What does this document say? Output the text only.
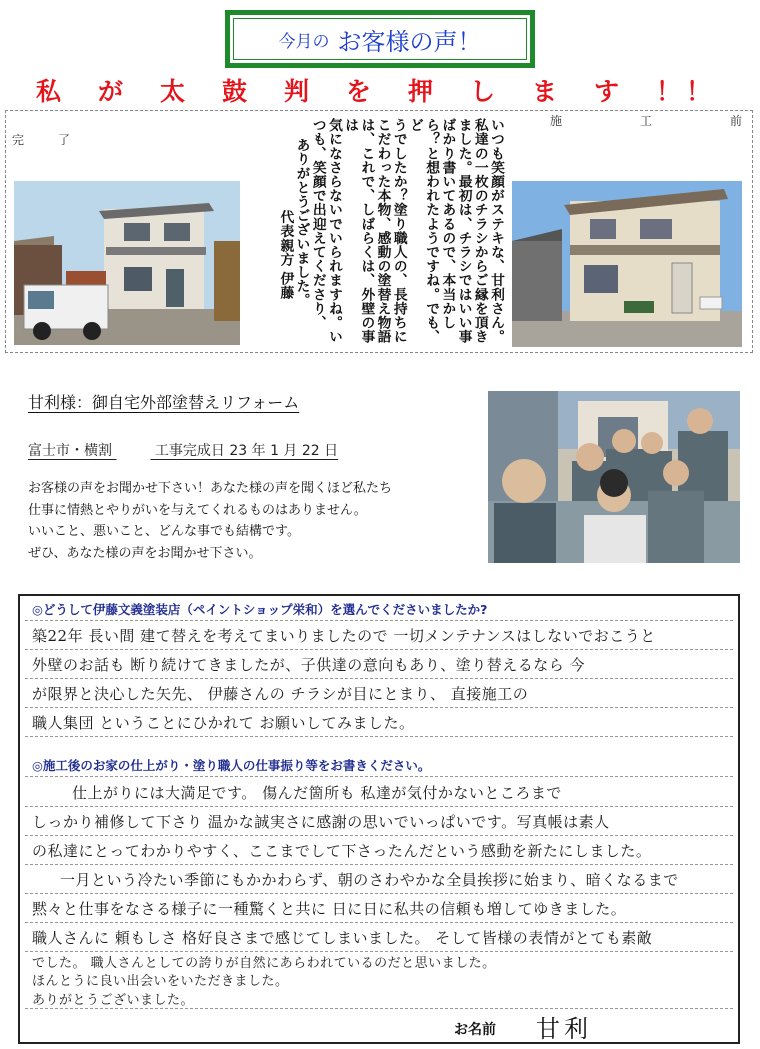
今月の お客様の声！
私 が 太 鼓 判 を 押 し ま す ！ ！
施	工	前
完	了	いつも笑顔がステキな、甘利さん。
私達の一枚のチラシからご縁を頂き
ました。最初は、チラシではいい事
ばかり書いてあるので、本当かし
ら？と想われたようですね。でも、ど
うでしたか？塗り職人の、長持ちに
こだわった本物、感動の塗替え物語
は、これで、しばらくは、外壁の事は
気になさらないでいられますね。い
つも、笑顔で出迎えてくださり、
ありがとうございました。
代表親方 伊藤
甘利様：御自宅外部塗替えリフォーム
富士市・横割	工事完成日 23 年 1 月 22 日
お客様の声をお聞かせ下さい！あなた様の声を聞くほど私たち
仕事に情熱とやりがいを与えてくれるものはありません。
いいこと、悪いこと、どんな事でも結構です。
ぜひ、あなた様の声をお聞かせ下さい。
◎どうして伊藤文義塗装店（ペイントショップ栄和）を選んでくださいましたか?
築22年 長い間 建て替えを考えてまいりましたので 一切メンテナンスはしないでおこうと
外壁のお話も 断り続けてきましたが、子供達の意向もあり、塗り替えるなら 今
が限界と決心した矢先、 伊藤さんの チラシが目にとまり、 直接施工の
職人集団 ということにひかれて お願いしてみました。
◎施工後のお家の仕上がり・塗り職人の仕事振り等をお書きください。
仕上がりには大満足です。 傷んだ箇所も 私達が気付かないところまで
しっかり補修して下さり 温かな誠実さに感謝の思いでいっぱいです。写真帳は素人
の私達にとってわかりやすく、ここまでして下さったんだという感動を新たにしました。
一月という冷たい季節にもかかわらず、朝のさわやかな全員挨拶に始まり、暗くなるまで
黙々と仕事をなさる様子に一種驚くと共に 日に日に私共の信頼も増してゆきました。
職人さんに 頼もしさ 格好良さまで感じてしまいました。 そして皆様の表情がとても素敵
でした。 職人さんとしての誇りが自然にあらわれているのだと思いました。
ほんとうに良い出会いをいただきました。
ありがとうございました。
お名前 甘利
